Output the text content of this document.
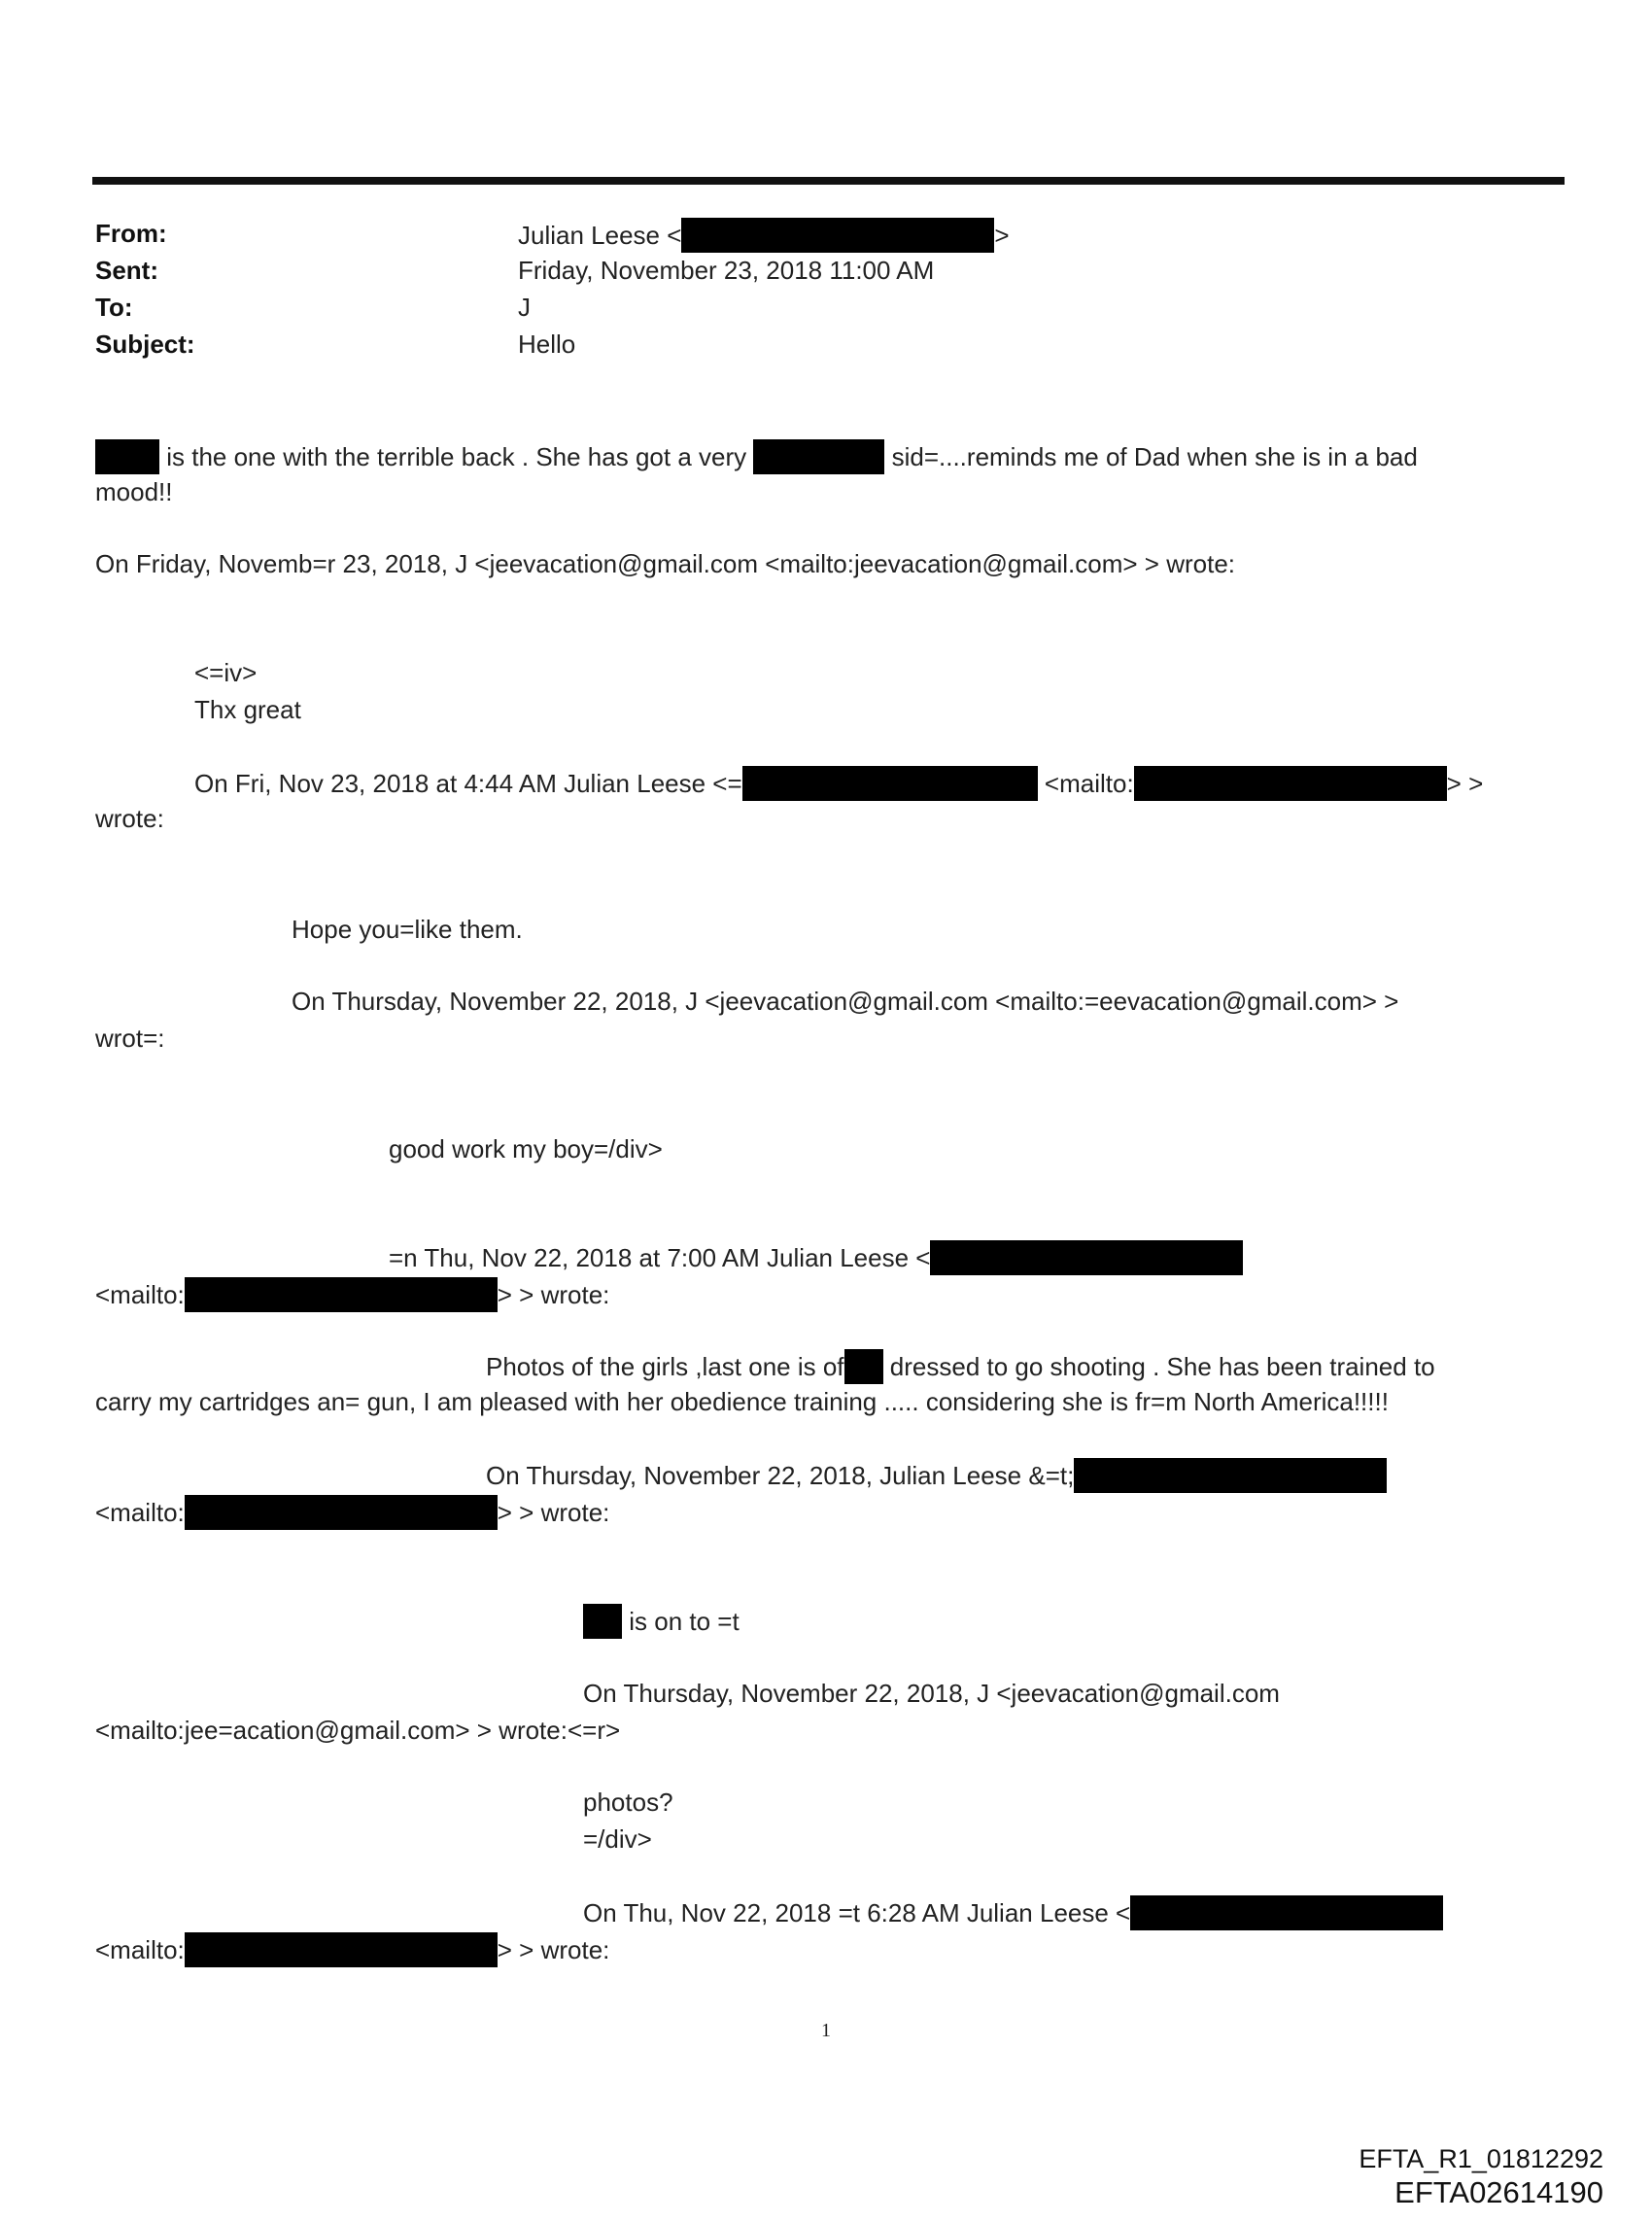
From:	Julian Leese <	>
Sent:	Friday, November 23, 2018 11:00 AM
To:	J
Subject:	Hello
is the one with the terrible back . She has got a very	sid=....reminds me of Dad when she is in a bad
mood!!
On Friday, Novemb=r 23, 2018, J <jeevacation@gmail.com <mailto:jeevacation@gmail.com> > wrote:
<=iv>
Thx great
On Fri, Nov 23, 2018 at 4:44 AM Julian Leese <=	<mailto:	> >
wrote:
Hope you=like them.
On Thursday, November 22, 2018, J <jeevacation@gmail.com <mailto:=eevacation@gmail.com> >
wrot=:
good work my boy=/div>
=n Thu, Nov 22, 2018 at 7:00 AM Julian Leese <
<mailto:	> > wrote:
Photos of the girls ,last one is of dressed to go shooting . She has been trained to
carry my cartridges an= gun, I am pleased with her obedience training ..... considering she is fr=m North America!!!!!
On Thursday, November 22, 2018, Julian Leese &=t;
<mailto:	> > wrote:
is on to =t
On Thursday, November 22, 2018, J <jeevacation@gmail.com
<mailto:jee=acation@gmail.com> > wrote:<=r>
photos?
=/div>
On Thu, Nov 22, 2018 =t 6:28 AM Julian Leese <
<mailto:	> > wrote:
1
EFTA_R1_01812292
EFTA02614190
